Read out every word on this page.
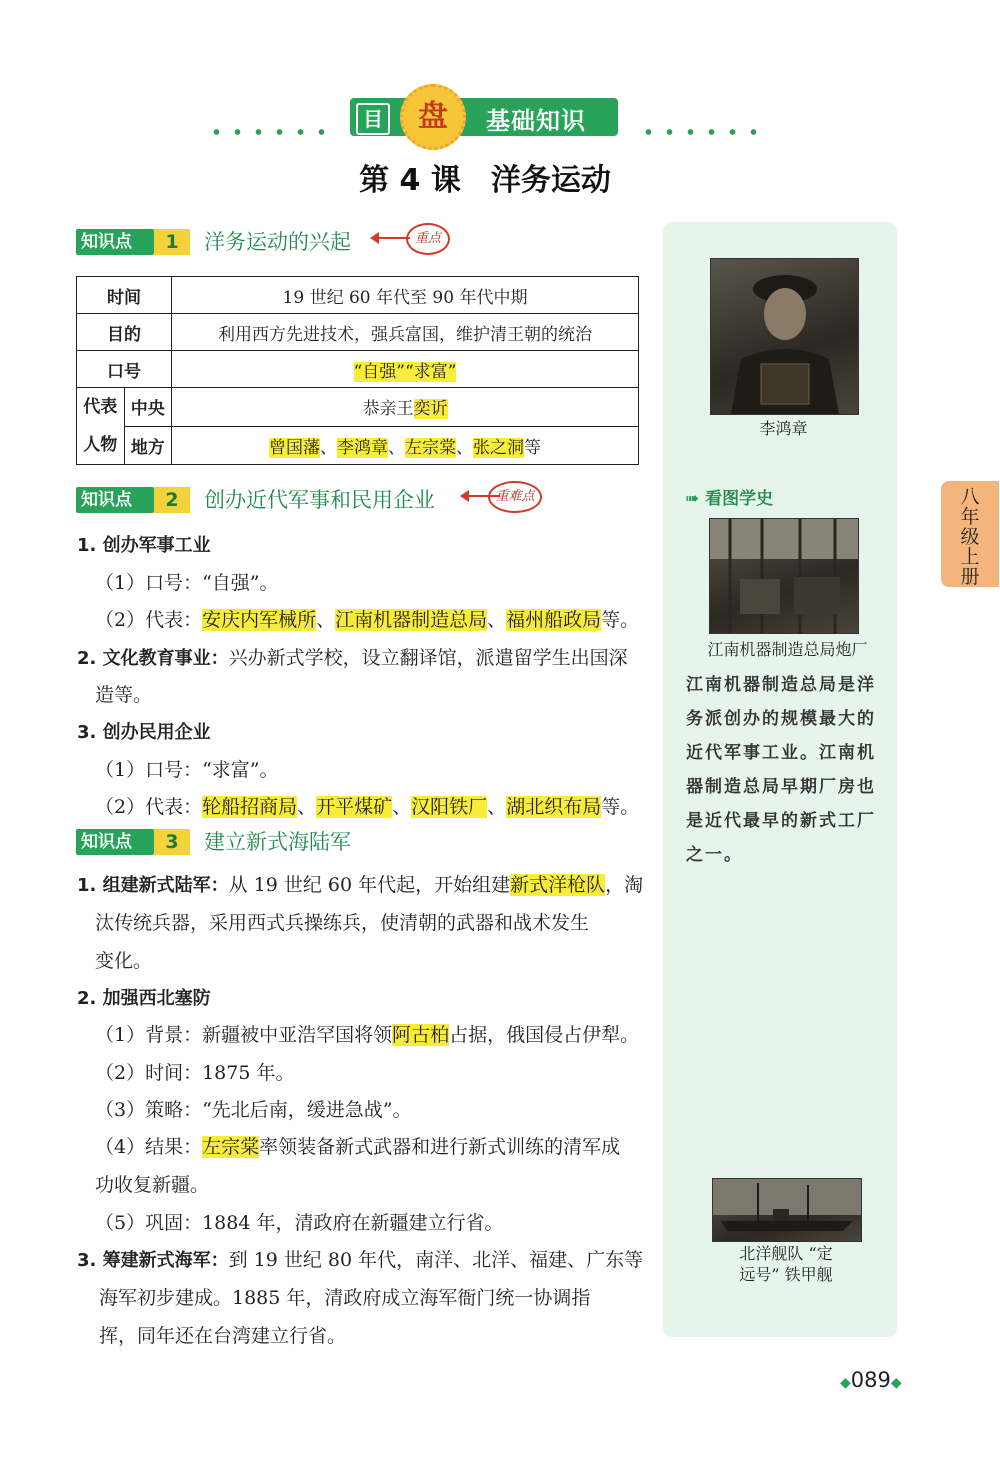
目	盘	基础知识
第 4 课　洋务运动
知识点	1	洋务运动的兴起	重点
时间		19 世纪 60 年代至 90 年代中期
目的		利用西方先进技术，强兵富国，维护清王朝的统治
口号		“自强”“求富”
代表
人物	中央	恭亲王奕䜣
	地方	曾国藩、李鸿章、左宗棠、张之洞等
知识点	2	创办近代军事和民用企业	重难点
1. 创办军事工业
（1）口号：“自强”。
（2）代表：安庆内军械所、江南机器制造总局、福州船政局等。
2. 文化教育事业：兴办新式学校，设立翻译馆，派遣留学生出国深
造等。
3. 创办民用企业
（1）口号：“求富”。
（2）代表：轮船招商局、开平煤矿、汉阳铁厂、湖北织布局等。
知识点	3	建立新式海陆军
1. 组建新式陆军：从 19 世纪 60 年代起，开始组建新式洋枪队，淘
汰传统兵器，采用西式兵操练兵，使清朝的武器和战术发生
变化。
2. 加强西北塞防
（1）背景：新疆被中亚浩罕国将领阿古柏占据，俄国侵占伊犁。
（2）时间：1875 年。
（3）策略：“先北后南，缓进急战”。
（4）结果：左宗棠率领装备新式武器和进行新式训练的清军成
功收复新疆。
（5）巩固：1884 年，清政府在新疆建立行省。
3. 筹建新式海军：到 19 世纪 80 年代，南洋、北洋、福建、广东等
海军初步建成。1885 年，清政府成立海军衙门统一协调指
挥，同年还在台湾建立行省。
李鸿章
➠ 看图学史
江南机器制造总局炮厂
江南机器制造总局是洋务派创办的规模最大的近代军事工业。江南机器制造总局早期厂房也是近代最早的新式工厂之一。
北洋舰队 “定
远号” 铁甲舰
八
年
级
上
册
◆089◆
